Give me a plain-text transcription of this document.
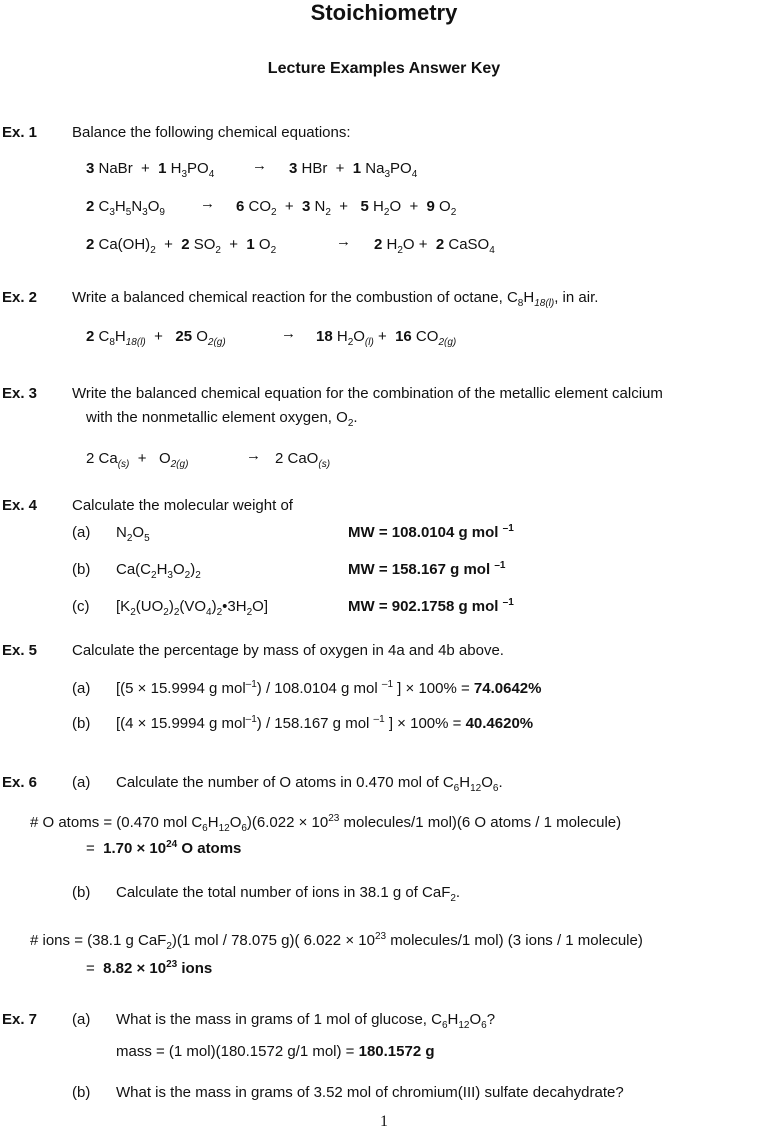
Stoichiometry
Lecture Examples Answer Key
Ex. 1 Balance the following chemical equations:
3 NaBr  +  1 $H_3PO_4$
→ 3 HBr  +  1 $Na_3PO_4$
2 $C_3H_5N_3O_9$
→ 6 $CO_2 + 3$ $N_2 + 5$ $H_2O + 9$ $O_2$
2 $Ca(OH)_2 + 2$ $SO_2 + 1$ $O_2$
→ 2 $H_2O + 2$ CaSO$_4$
Ex. 2 Write a balanced chemical reaction for the combustion of octane, $C_8H_{18(l)}$, in air.
2 $C_8H_{18(l)} + 25$ $O_{2(g)}$
→ 18 $H_2O_{(l)} + 16$ $CO_{2(g)}$
Ex. 3 Write the balanced chemical equation for the combination of the metallic element calcium
with the nonmetallic element oxygen, $O_2$.
2 $Ca_{(s)} + O_{2(g)}$
→ 2 CaO$_{(s)}$
Ex. 4 Calculate the molecular weight of
(a) $N_2O_5$	MW = 108.0104 g mol $^{-1}$
(b) $Ca(C_2H_3O_2)_2$	MW = 158.167 g mol $^{-1}$
(c) $[K_2(UO_2)_2(VO_4)_2•3H_2O]$	MW = 902.1758 g mol $^{-1}$
Ex. 5 Calculate the percentage by mass of oxygen in 4a and 4b above.
(a) [(5 × 15.9994 g mol$^{-1}$) / 108.0104 g mol $^{-1}$ ] × 100% = 74.0642%
(b) [(4 × 15.9994 g mol$^{-1}$) / 158.167 g mol $^{-1}$ ] × 100% = 40.4620%
Ex. 6 (a) Calculate the number of O atoms in 0.470 mol of $C_6H_{12}O_6$.
# O atoms = (0.470 mol $C_6H_{12}O_6)(6.022 \times 10^{23}$ molecules/1 mol)(6 O atoms / 1 molecule)
=  $1.70 \times 10^{24}$ O atoms
(b) Calculate the total number of ions in 38.1 g of CaF$_2$.
# ions = (38.1 g CaF$_2$)(1 mol / 78.075 g)( $6.022 \times 10^{23}$ molecules/1 mol) (3 ions / 1 molecule)
=  $8.82 \times 10^{23}$ ions
Ex. 7 (a) What is the mass in grams of 1 mol of glucose, $C_6H_{12}O_6$?
mass = (1 mol)(180.1572 g/1 mol) = 180.1572 g
(b) What is the mass in grams of 3.52 mol of chromium(III) sulfate decahydrate?
1
